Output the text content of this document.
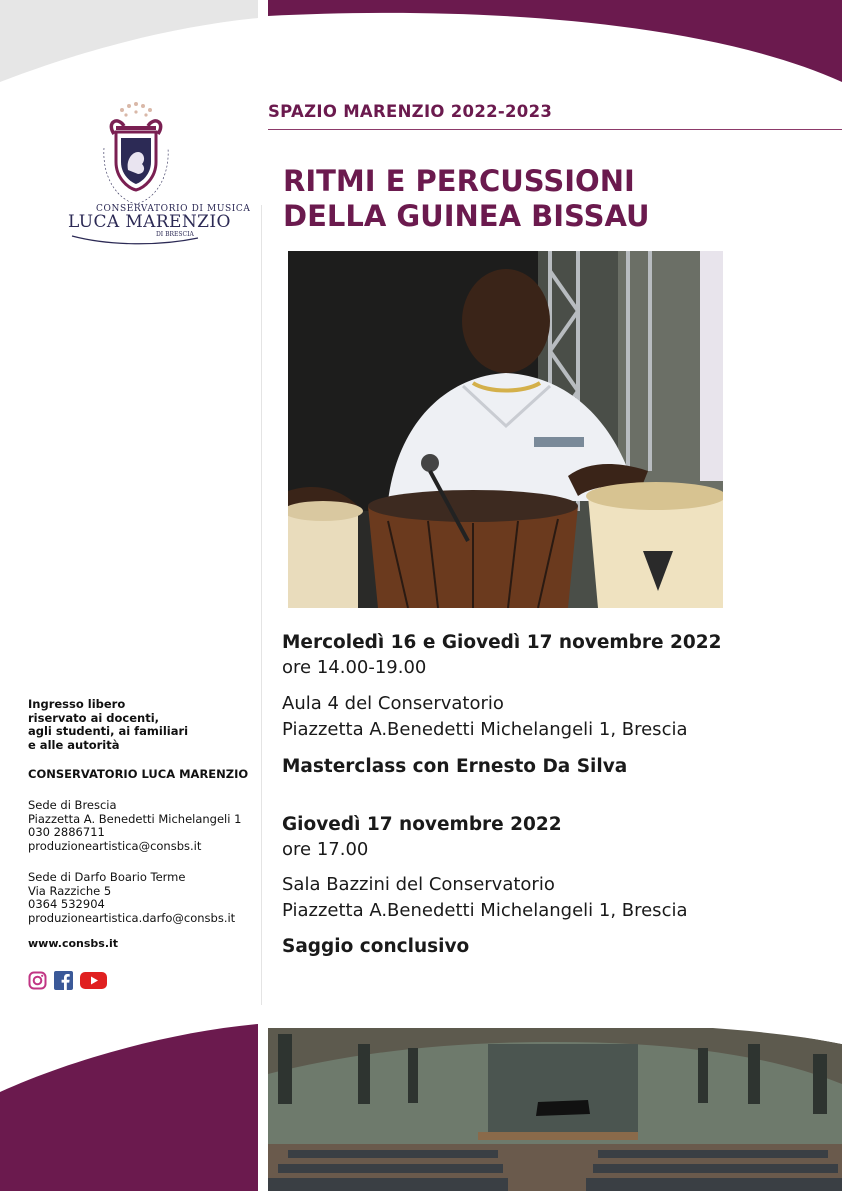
CONSERVATORIO DI MUSICA
LUCA MARENZIO
DI BRESCIA
SPAZIO MARENZIO 2022-2023
RITMI E PERCUSSIONI
DELLA GUINEA BISSAU
Mercoledì 16 e Giovedì 17 novembre 2022
ore 14.00-19.00
Aula 4 del Conservatorio
Piazzetta A.Benedetti Michelangeli 1, Brescia
Masterclass con Ernesto Da Silva
Giovedì 17 novembre 2022
ore 17.00
Sala Bazzini del Conservatorio
Piazzetta A.Benedetti Michelangeli 1, Brescia
Saggio conclusivo
Ingresso libero
riservato ai docenti,
agli studenti, ai familiari
e alle autorità
CONSERVATORIO LUCA MARENZIO
Sede di Brescia
Piazzetta A. Benedetti Michelangeli 1
030 2886711
produzioneartistica@consbs.it
Sede di Darfo Boario Terme
Via Razziche 5
0364 532904
produzioneartistica.darfo@consbs.it
www.consbs.it
